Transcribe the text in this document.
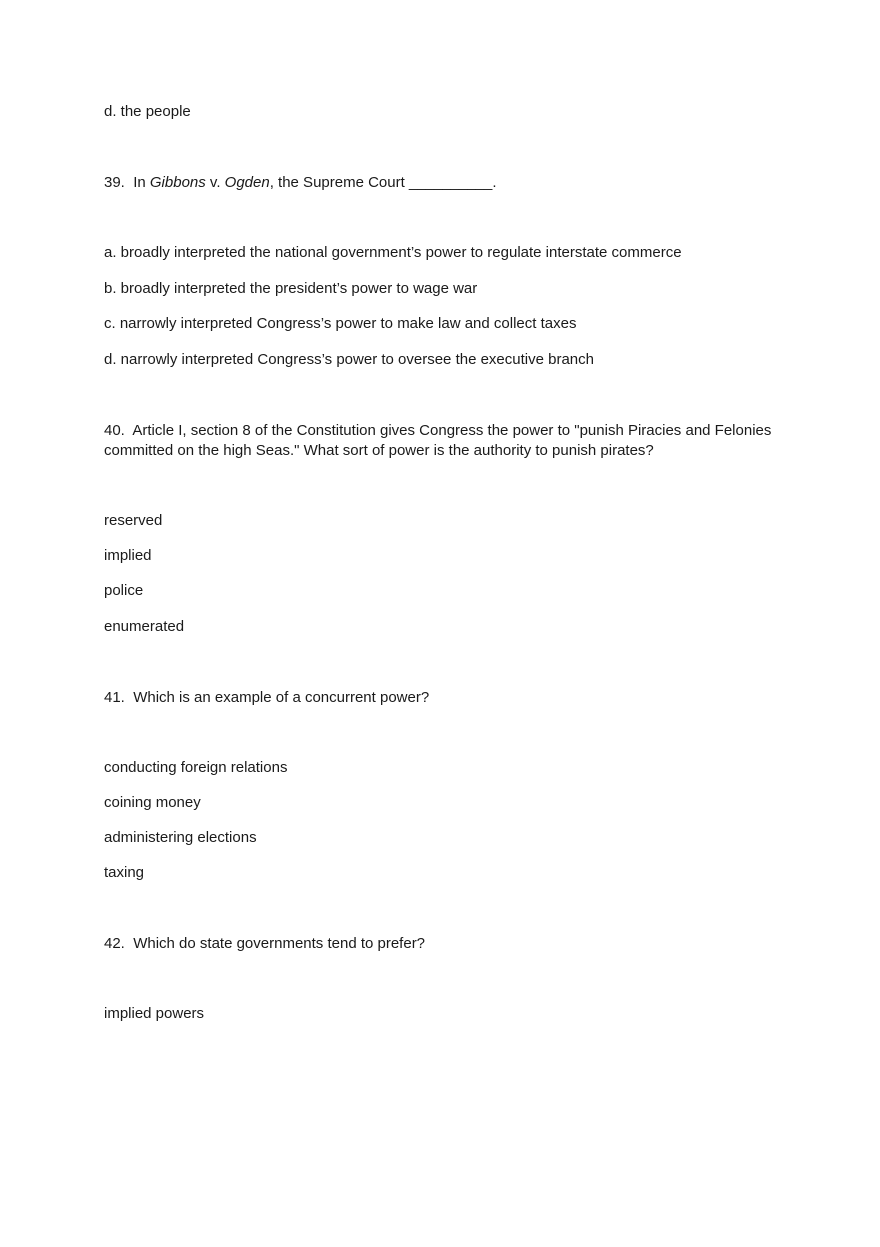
d. the people
39. In Gibbons v. Ogden, the Supreme Court __________.
a. broadly interpreted the national government’s power to regulate interstate commerce
b. broadly interpreted the president’s power to wage war
c. narrowly interpreted Congress’s power to make law and collect taxes
d. narrowly interpreted Congress’s power to oversee the executive branch
40. Article I, section 8 of the Constitution gives Congress the power to "punish Piracies and Felonies committed on the high Seas." What sort of power is the authority to punish pirates?
reserved
implied
police
enumerated
41. Which is an example of a concurrent power?
conducting foreign relations
coining money
administering elections
taxing
42. Which do state governments tend to prefer?
implied powers
